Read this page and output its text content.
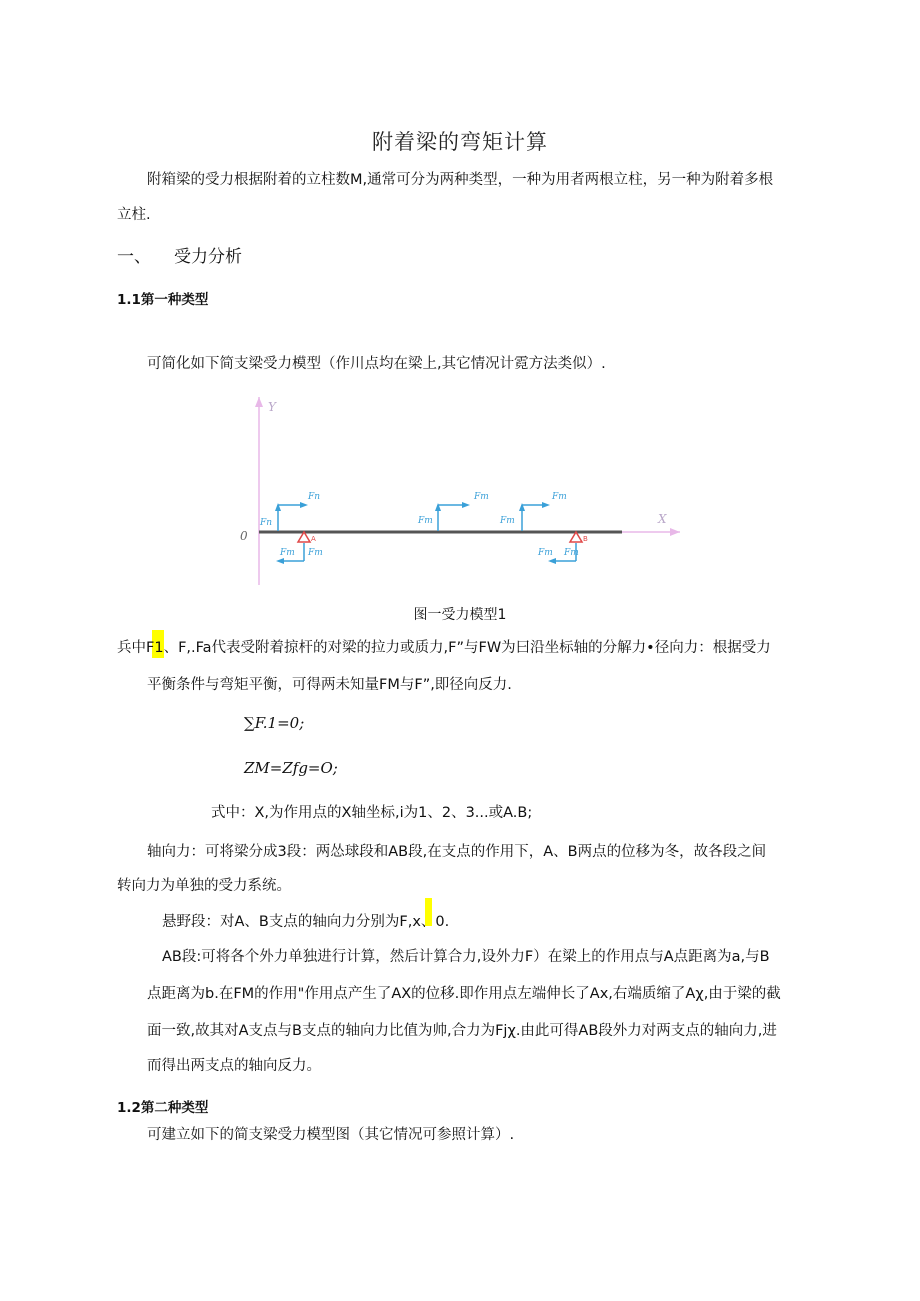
附着梁的弯矩计算
附箱梁的受力根据附着的立柱数M,通常可分为两种类型，一种为用者两根立柱，另一种为附着多根
立柱.
一、 受力分析
1.1第一种类型
可简化如下简支梁受力模型（作川点均在梁上,其它情况计霓方法类似）.
Y
X
0
Fn
Fn
A
Fm Fm
Fm
Fm
Fm
Fm
B
Fm Fm
图一受力模型1
兵中F1、F,.Fa代表受附着掠杆的对梁的拉力或质力,F”与FW为曰沿坐标轴的分解力•径向力：根据受力
平衡条件与弯矩平衡，可得两未知量FM与F”,即径向反力.
∑F.1=0;
ZM=Zfg=O;
式中：X,为作用点的X轴坐标,i为1、2、3...或A.B;
轴向力：可将梁分成3段：两怂球段和AB段,在支点的作用下，A、B两点的位移为冬，故各段之间
转向力为单独的受力系统。
悬野段：对A、B支点的轴向力分别为F,x、0.
AB段:可将各个外力单独进行计算，然后计算合力,设外力F）在梁上的作用点与A点距离为a,与B
点距离为b.在FM的作用"作用点产生了AX的位移.即作用点左端伸长了Ax,右端质缩了Aχ,由于梁的截
面一致,故其对A支点与B支点的轴向力比值为帅,合力为Fjχ.由此可得AB段外力对两支点的轴向力,进
而得出两支点的轴向反力。
1.2第二种类型
可建立如下的简支梁受力模型图（其它情况可参照计算）.
